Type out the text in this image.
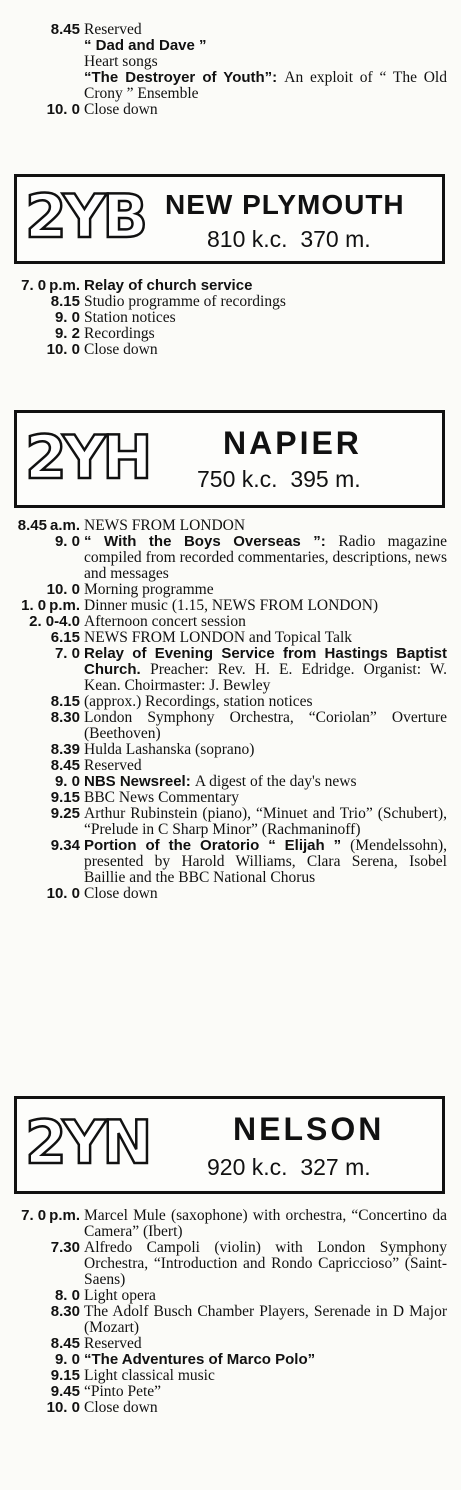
8.45 Reserved
“ Dad and Dave ”
Heart songs
“The Destroyer of Youth”: An exploit of “ The Old Crony ” Ensemble
10. 0 Close down
2YB NEW PLYMOUTH
810 k.c.  370 m.
7. 0 p.m. Relay of church service
8.15 Studio programme of recordings
9. 0 Station notices
9. 2 Recordings
10. 0 Close down
2YH NAPIER
750 k.c.  395 m.
8.45 a.m. NEWS FROM LONDON
9. 0 “ With the Boys Overseas ”: Radio magazine compiled from recorded commentaries, descriptions, news and messages
10. 0 Morning programme
1. 0 p.m. Dinner music (1.15, NEWS FROM LONDON)
2. 0-4.0 Afternoon concert session
6.15 NEWS FROM LONDON and Topical Talk
7. 0 Relay of Evening Service from Hastings Baptist Church. Preacher: Rev. H. E. Edridge. Organist: W. Kean. Choirmaster: J. Bewley
8.15 (approx.) Recordings, station notices
8.30 London Symphony Orchestra, “Coriolan” Overture (Beethoven)
8.39 Hulda Lashanska (soprano)
8.45 Reserved
9. 0 NBS Newsreel: A digest of the day's news
9.15 BBC News Commentary
9.25 Arthur Rubinstein (piano), “Minuet and Trio” (Schubert), “Prelude in C Sharp Minor” (Rachmaninoff)
9.34 Portion of the Oratorio “ Elijah ” (Mendelssohn), presented by Harold Williams, Clara Serena, Isobel Baillie and the BBC National Chorus
10. 0 Close down
2YN	NELSON
920 k.c.  327 m.
7. 0 p.m. Marcel Mule (saxophone) with orchestra, “Concertino da Camera” (Ibert)
7.30 Alfredo Campoli (violin) with London Symphony Orchestra, “Introduction and Rondo Capriccioso” (Saint-Saens)
8. 0 Light opera
8.30 The Adolf Busch Chamber Players, Serenade in D Major (Mozart)
8.45 Reserved
9. 0 “The Adventures of Marco Polo”
9.15 Light classical music
9.45 “Pinto Pete”
10. 0 Close down
